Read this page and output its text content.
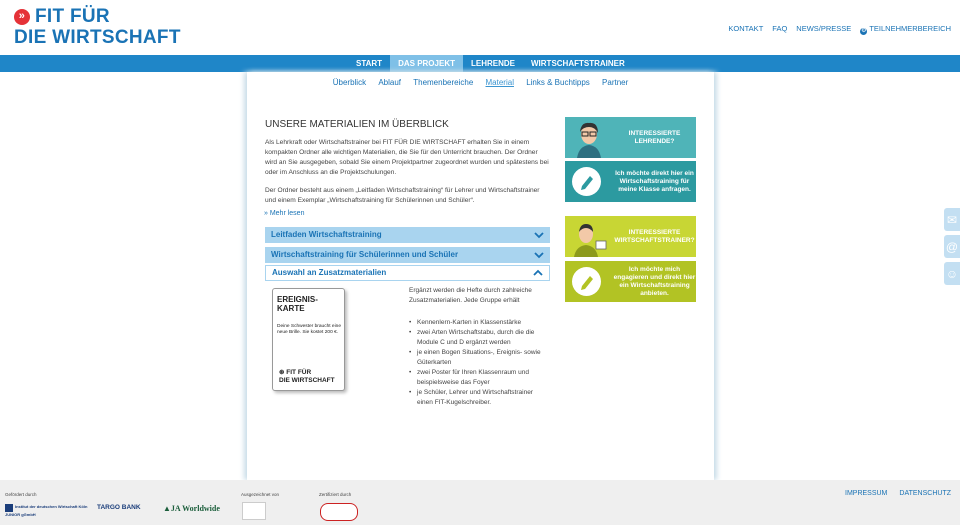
» FIT FÜR
DIE WIRTSCHAFT	KONTAKT FAQ NEWS/PRESSE ⚙ TEILNEHMERBEREICH
START	DAS PROJEKT	LEHRENDE	WIRTSCHAFTSTRAINER
Überblick Ablauf Themenbereiche Material Links & Buchtipps Partner
UNSERE MATERIALIEN IM ÜBERBLICK

Als Lehrkraft oder Wirtschaftstrainer bei FIT FÜR DIE WIRTSCHAFT erhalten Sie in einem kompakten Ordner alle wichtigen Materialien, die Sie für den Unterricht brauchen. Der Ordner wird an Sie ausgegeben, sobald Sie einem Projektpartner zugeordnet wurden und spätestens bei oder im Anschluss an die Projektschulungen.

Der Ordner besteht aus einem „Leitfaden Wirtschaftstraining“ für Lehrer und Wirtschaftstrainer und einem Exemplar „Wirtschaftstraining für Schülerinnen und Schüler“.

» Mehr lesen
Leitfaden Wirtschaftstraining
Wirtschaftstraining für Schülerinnen und Schüler
Auswahl an Zusatzmaterialien
EREIGNIS-KARTE
Deine Schwester braucht eine neue Brille. Sie kostet 200 €.
⊛ FIT FÜR
DIE WIRTSCHAFT
Ergänzt werden die Hefte durch zahlreiche Zusatzmaterialien. Jede Gruppe erhält
• Kennenlern-Karten in Klassenstärke
• zwei Arten Wirtschaftstabu, durch die die Module C und D ergänzt werden
• je einen Bogen Situations-, Ereignis- sowie Güterkarten
• zwei Poster für Ihren Klassenraum und beispielsweise das Foyer
• je Schüler, Lehrer und Wirtschaftstrainer einen FIT-Kugelschreiber.
INTERESSIERTE LEHRENDE?
Ich möchte direkt hier ein Wirtschaftstraining für meine Klasse anfragen.
INTERESSIERTE WIRTSCHAFTSTRAINER?
Ich möchte mich engagieren und direkt hier ein Wirtschaftstraining anbieten.
✉
@
☺
Gefördert durch
Institut der deutschen Wirtschaft Köln JUNIOR gGmbH
TARGO BANK	▲JA Worldwide
Ausgezeichnet von	Zertifiziert durch	IMPRESSUM DATENSCHUTZ
